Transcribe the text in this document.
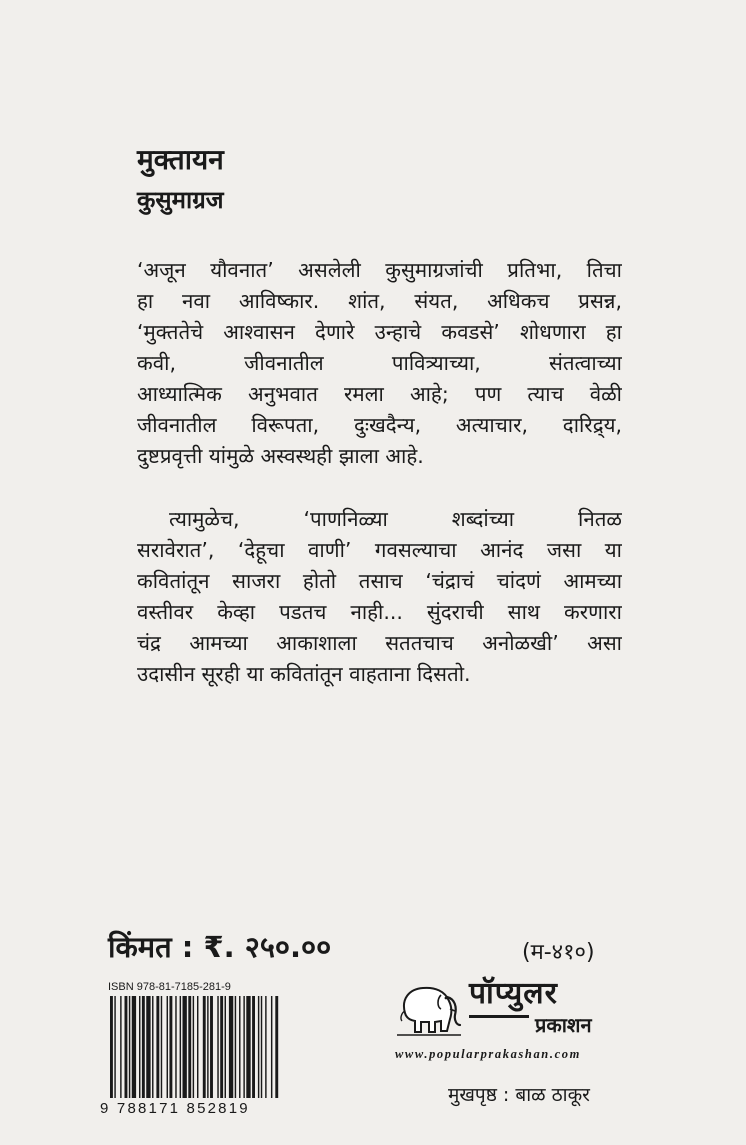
मुक्तायन
कुसुमाग्रज

‘अजून यौवनात’ असलेली कुसुमाग्रजांची प्रतिभा, तिचा
हा नवा आविष्कार. शांत, संयत, अधिकच प्रसन्न,
‘मुक्ततेचे आश्वासन देणारे उन्हाचे कवडसे’ शोधणारा हा
कवी, जीवनातील पावित्र्याच्या, संतत्वाच्या
आध्यात्मिक अनुभवात रमला आहे; पण त्याच वेळी
जीवनातील विरूपता, दुःखदैन्य, अत्याचार, दारिद्र्य,
दुष्टप्रवृत्ती यांमुळे अस्वस्थही झाला आहे.

त्यामुळेच, ‘पाणनिळ्या शब्दांच्या नितळ
सरावेरात’, ‘देहूचा वाणी’ गवसल्याचा आनंद जसा या
कवितांतून साजरा होतो तसाच ‘चंद्राचं चांदणं आमच्या
वस्तीवर केव्हा पडतच नाही... सुंदराची साथ करणारा
चंद्र आमच्या आकाशाला सततचाच अनोळखी’ असा
उदासीन सूरही या कवितांतून वाहताना दिसतो.

किंमत : ₹. २५०.००	(म-४१०)
ISBN 978-81-7185-281-9
9 788171 852819
पॉप्युलर
प्रकाशन
www.popularprakashan.com
मुखपृष्ठ : बाळ ठाकूर
